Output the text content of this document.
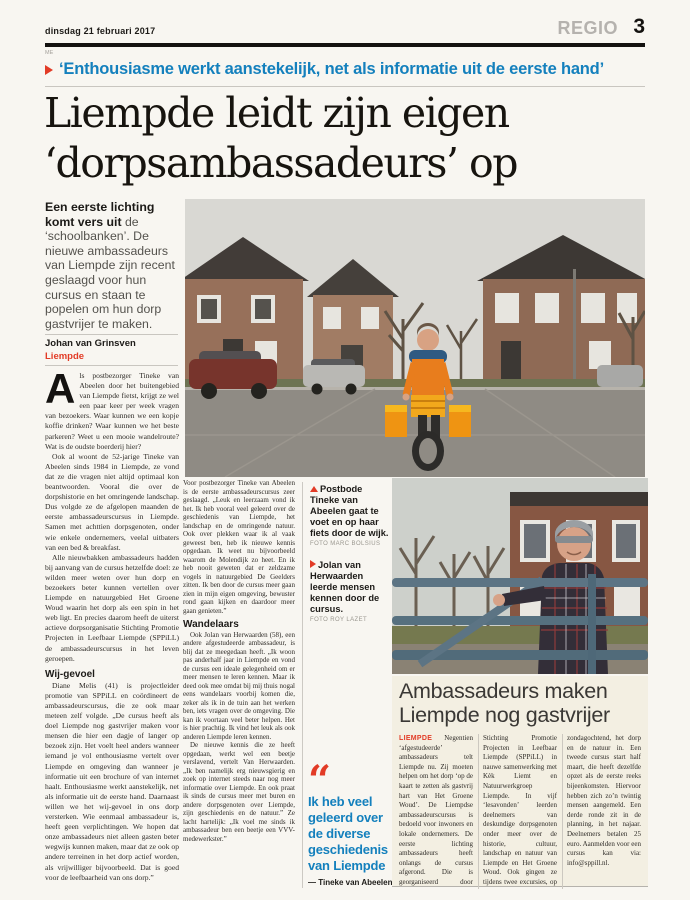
dinsdag 21 februari 2017	REGIO 3
ME
‘Enthousiasme werkt aanstekelijk, net als informatie uit de eerste hand’
Liempde leidt zijn eigen
‘dorpsambassadeurs’ op
Een eerste lichting komt vers uit de ‘schoolbanken’. De nieuwe ambassadeurs van Liempde zijn recent geslaagd voor hun cursus en staan te popelen om hun dorp gastvrijer te maken.
Johan van Grinsven
Liempde

Als postbezorger Tineke van Abeelen door het buitengebied van Liempde fietst, krijgt ze wel een paar keer per week vragen van bezoekers. Waar kunnen we een kopje koffie drinken? Waar kunnen we het beste parkeren? Weet u een mooie wandelroute? Wat is de oudste boerderij hier?

Ook al woont de 52-jarige Tineke van Abeelen sinds 1984 in Liempde, ze vond dat ze die vragen niet altijd optimaal kon beantwoorden. Vooral die over de dorpshistorie en het omringende landschap. Dus volgde ze de afgelopen maanden de eerste ambassadeurscursus in Liempde. Samen met achttien dorpsgenoten, onder wie enkele ondernemers, veelal uitbaters van een bed & breakfast.

Alle nieuwbakken ambassadeurs hadden bij aanvang van de cursus hetzelfde doel: ze wilden meer weten over hun dorp en bezoekers beter kunnen vertellen over Liempde en natuurgebied Het Groene Woud waarin het dorp als een spin in het web ligt. En precies daarom heeft de uiterst actieve dorpsorganisatie Stichting Promotie Projecten in Leefbaar Liempde (SPPiLL) de ambassadeurscursus in het leven geroepen.

Wij-gevoel

Diane Melis (41) is projectleider promotie van SPPiLL en coördineert de ambassadeurscursus, die ze ook maar meteen zelf volgde. „De cursus heeft als doel Liempde nog gastvrijer maken voor mensen die hier een dagje of langer op bezoek zijn. Het voelt heel anders wanneer iemand je vol enthousiasme vertelt over Liempde en omgeving dan wanneer je informatie uit een brochure of van internet haalt. Enthousiasme werkt aanstekelijk, net als informatie uit de eerste hand. Daarnaast willen we het wij-gevoel in ons dorp versterken. Wie eenmaal ambassadeur is, heeft geen verplichtingen. We hopen dat onze ambassadeurs niet alleen gasten beter wegwijs kunnen maken, maar dat ze ook op andere terreinen in het dorp actief worden, als vrijwilliger bijvoorbeeld. Dat is goed voor de leefbaarheid van ons dorp.”

Voor postbezorger Tineke van Abeelen is de eerste ambassadeurscursus zeer geslaagd. „Leuk en leerzaam vond ik het. Ik heb vooral veel geleerd over de geschiedenis van Liempde, het landschap en de omringende natuur. Ook over plekken waar ik al vaak geweest ben, heb ik nieuwe kennis opgedaan. Ik weet nu bijvoorbeeld waarom de Molendijk zo heet. En ik heb nooit geweten dat er zeldzame vogels in natuurgebied De Geelders zitten. Ik ben door de cursus meer gaan zien in mijn eigen omgeving, bewuster rond gaan kijken en daardoor meer gaan genieten.”

Wandelaars

Ook Jolan van Herwaarden (58), een andere afgestudeerde ambassadeur, is blij dat ze meegedaan heeft. „Ik woon pas anderhalf jaar in Liempde en vond de cursus een ideale gelegenheid om er meer mensen te leren kennen. Maar ik deed ook mee omdat bij mij thuis nogal eens wandelaars voorbij komen die, zeker als ik in de tuin aan het werken ben, iets vragen over de omgeving. Die kan ik voortaan veel beter helpen. Het is hier prachtig. Ik vind het leuk als ook anderen Liempde leren kennen.

De nieuwe kennis die ze heeft opgedaan, werkt wel een beetje verslavend, vertelt Van Herwaarden. „Ik ben namelijk erg nieuwsgierig en zoek op internet steeds naar nog meer informatie over Liempde. En ook praat ik sinds de cursus meer met buren en andere dorpsgenoten over Liempde, zijn geschiedenis en de natuur.” Ze lacht hartelijk: „Ik voel me sinds ik ambassadeur ben een beetje een VVV-medewerkster.”

Postbode Tineke van Abeelen gaat te voet en op haar fiets door de wijk.
FOTO MARC BOLSIUS
Jolan van Herwaarden leerde mensen kennen door de cursus.
FOTO ROY LAZET
“
Ik heb veel geleerd over de diverse geschiedenis van Liempde
— Tineke van Abeelen
Ambassadeurs maken
Liempde nog gastvrijer
LIEMPDE Negentien ‘afgestudeerde’ ambassadeurs telt Liempde nu. Zij moeten helpen om het dorp ‘op de kaart te zetten als gastvrij hart van Het Groene Woud’. De Liempdse ambassadeurscursus is bedoeld voor inwoners en lokale ondernemers. De eerste lichting ambassadeurs heeft onlangs de cursus afgerond. Die is georganiseerd door Stichting Promotie Projecten in Leefbaar Liempde (SPPiLL) in nauwe samenwerking met Kèk Liemt en Natuurwerkgroep Liempde. In vijf ‘lesavonden’ leerden deelnemers van deskundige dorpsgenoten onder meer over de historie, cultuur, landschap en natuur van Liempde en Het Groene Woud. Ook gingen ze tijdens twee excursies, op zondagochtend, het dorp en de natuur in. Een tweede cursus start half maart, die heeft dezelfde opzet als de eerste reeks bijeenkomsten. Hiervoor hebben zich zo’n twintig mensen aangemeld. Een derde ronde zit in de planning, in het najaar. Deelnemers betalen 25 euro. Aanmelden voor een cursus kan via: info@sppill.nl.
